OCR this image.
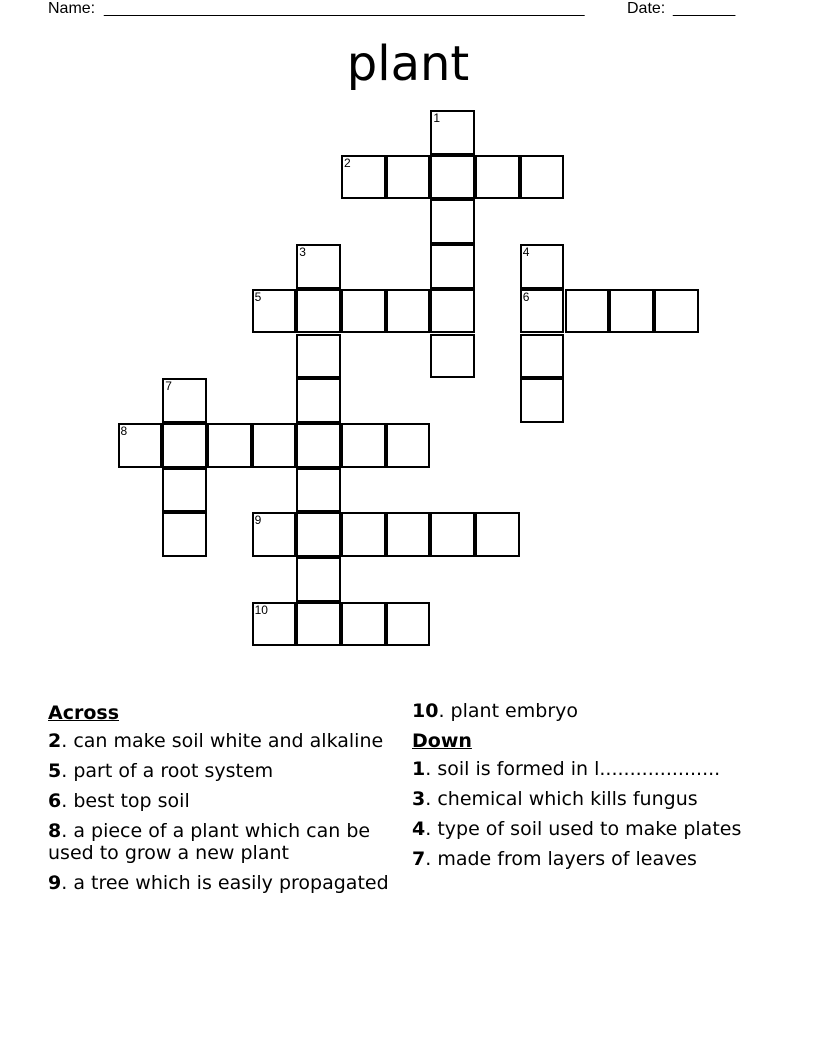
Name: ______________________________________________________	Date: _______
plant
1
2
3	4
5	6
7
8
9
10
Across
2. can make soil white and alkaline
5. part of a root system
6. best top soil
8. a piece of a plant which can be used to grow a new plant
9. a tree which is easily propagated
10. plant embryo
Down
1. soil is formed in l....................
3. chemical which kills fungus
4. type of soil used to make plates
7. made from layers of leaves
